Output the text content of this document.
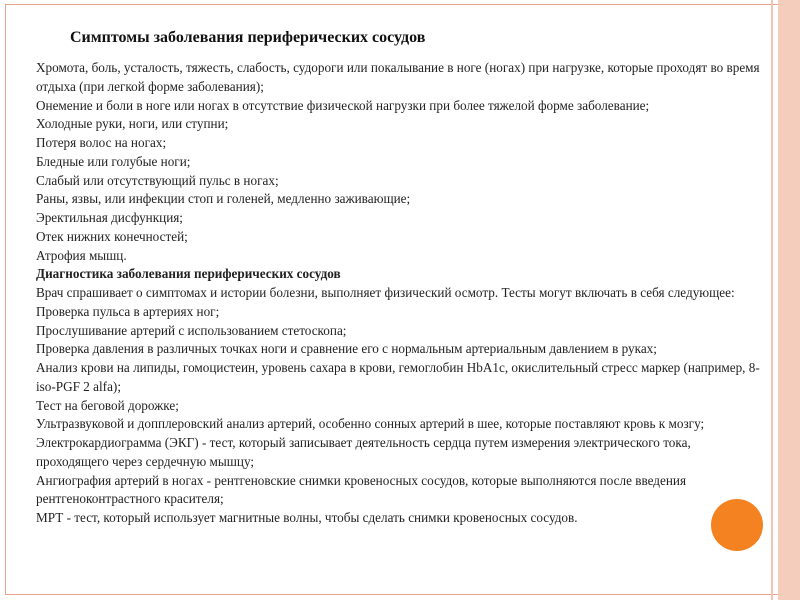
Симптомы заболевания периферических сосудов
Хромота, боль, усталость, тяжесть, слабость, судороги или покалывание в ноге (ногах) при нагрузке, которые проходят во время отдыха (при легкой форме заболевания);
Онемение и боли в ноге или ногах в отсутствие физической нагрузки при более тяжелой форме заболевание;
Холодные руки, ноги, или ступни;
Потеря волос на ногах;
Бледные или голубые ноги;
Слабый или отсутствующий пульс в ногах;
Раны, язвы, или инфекции стоп и голеней, медленно заживающие;
Эректильная дисфункция;
Отек нижних конечностей;
Атрофия мышц.
Диагностика заболевания периферических сосудов
Врач спрашивает о симптомах и истории болезни, выполняет физический осмотр. Тесты могут включать в себя следующее:
Проверка пульса в артериях ног;
Прослушивание артерий с использованием стетоскопа;
Проверка давления в различных точках ноги и сравнение его с нормальным артериальным давлением в руках;
Анализ крови на липиды, гомоцистеин, уровень сахара в крови, гемоглобин HbA1c, окислительный стресс маркер (например, 8-iso-PGF 2 alfa);
Тест на беговой дорожке;
Ультразвуковой и допплеровский анализ артерий, особенно сонных артерий в шее, которые поставляют кровь к мозгу;
Электрокардиограмма (ЭКГ) - тест, который записывает деятельность сердца путем измерения электрического тока, проходящего через сердечную мышцу;
Ангиография артерий в ногах - рентгеновские снимки кровеносных сосудов, которые выполняются после введения рентгеноконтрастного красителя;
МРТ - тест, который использует магнитные волны, чтобы сделать снимки кровеносных сосудов.
